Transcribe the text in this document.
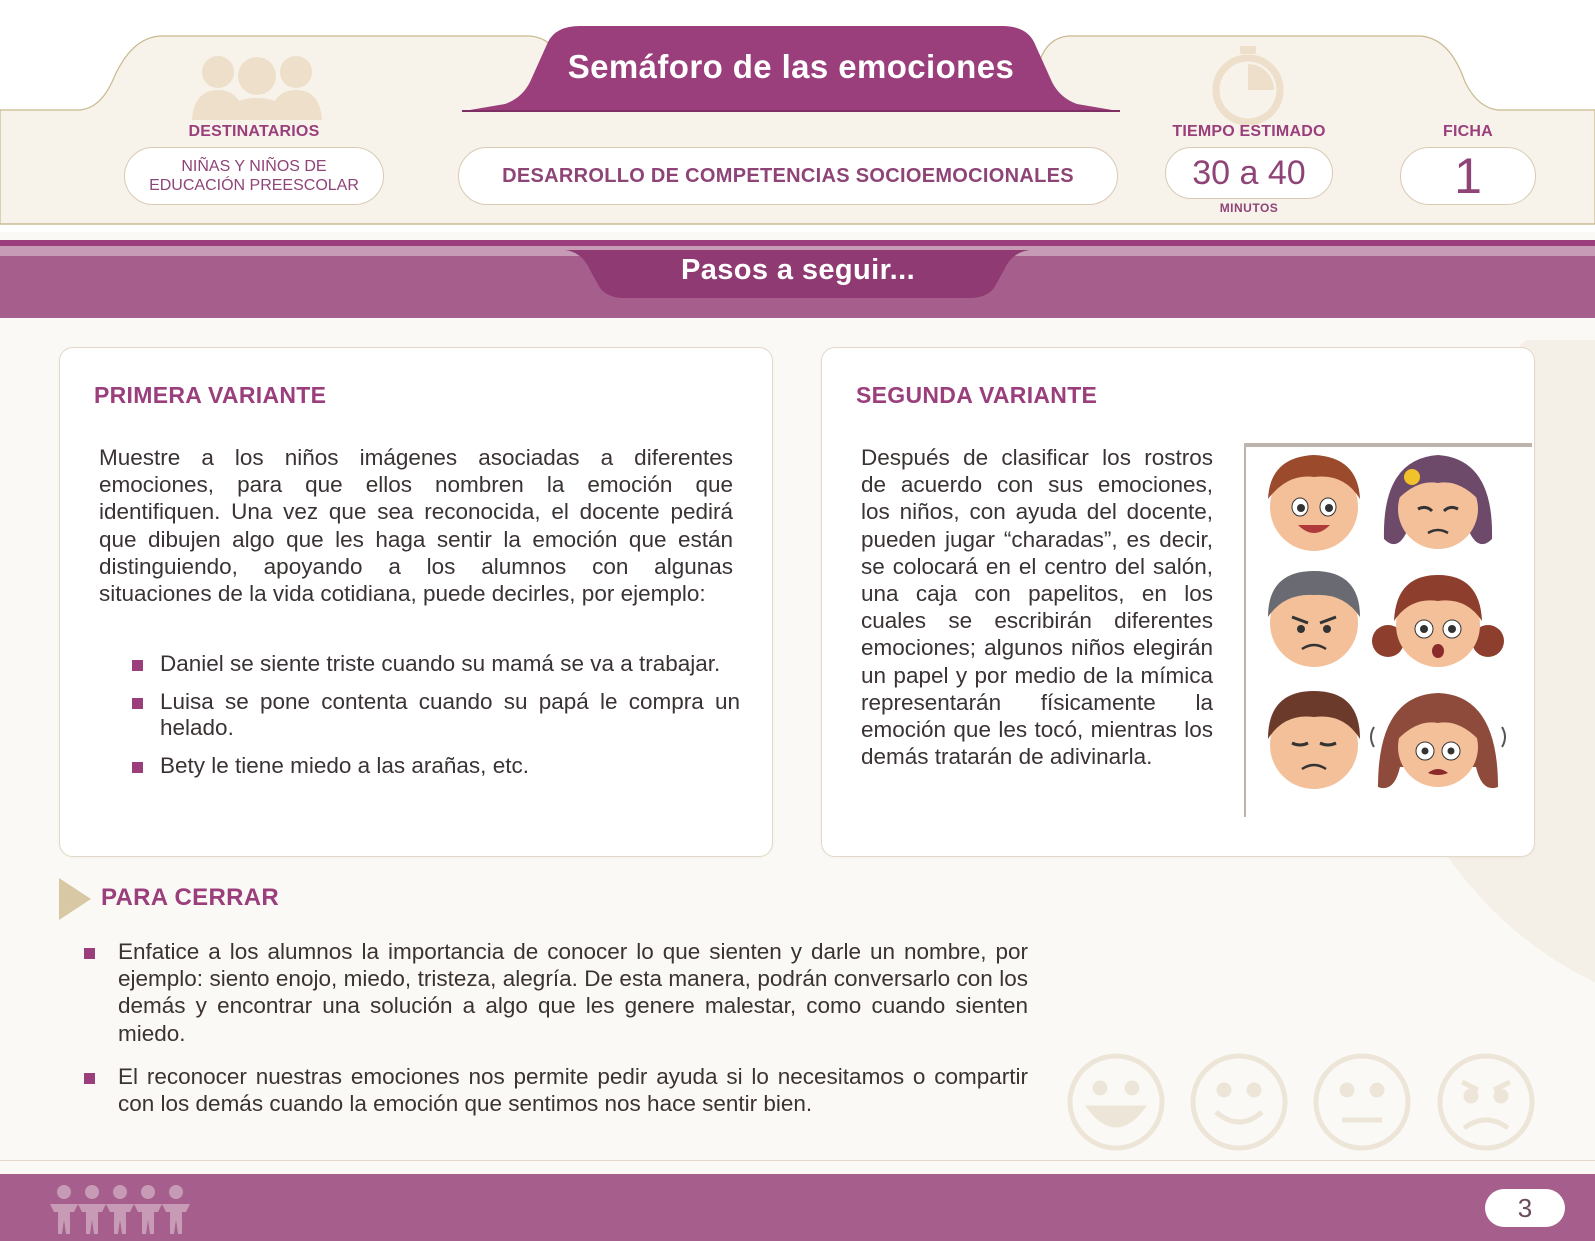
Semáforo de las emociones
DESTINATARIOS
NIÑAS Y NIÑOS DE
EDUCACIÓN PREESCOLAR	DESARROLLO DE COMPETENCIAS SOCIOEMOCIONALES
TIEMPO ESTIMADO
30 a 40
MINUTOS
FICHA
1
Pasos a seguir...
PRIMERA VARIANTE
Muestre a los niños imágenes asociadas a diferentes emociones, para que ellos nombren la emoción que identifiquen. Una vez que sea reconocida, el docente pedirá que dibujen algo que les haga sentir la emoción que están distinguiendo, apoyando a los alumnos con algunas situaciones de la vida cotidiana, puede decirles, por ejemplo:
Daniel se siente triste cuando su mamá se va a trabajar.
Luisa se pone contenta cuando su papá le compra un helado.
Bety le tiene miedo a las arañas, etc.
SEGUNDA VARIANTE
Después de clasificar los rostros de acuerdo con sus emociones, los niños, con ayuda del docente, pueden jugar “charadas”, es decir, se colocará en el centro del salón, una caja con papelitos, en los cuales se escribirán diferentes emociones; algunos niños elegirán un papel y por medio de la mímica representarán físicamente la emoción que les tocó, mientras los demás tratarán de adivinarla.
PARA CERRAR
Enfatice a los alumnos la importancia de conocer lo que sienten y darle un nombre, por ejemplo: siento enojo, miedo, tristeza, alegría. De esta manera, podrán conversarlo con los demás y encontrar una solución a algo que les genere malestar, como cuando sienten miedo.
El reconocer nuestras emociones nos permite pedir ayuda si lo necesitamos o compartir con los demás cuando la emoción que sentimos nos hace sentir bien.
3
